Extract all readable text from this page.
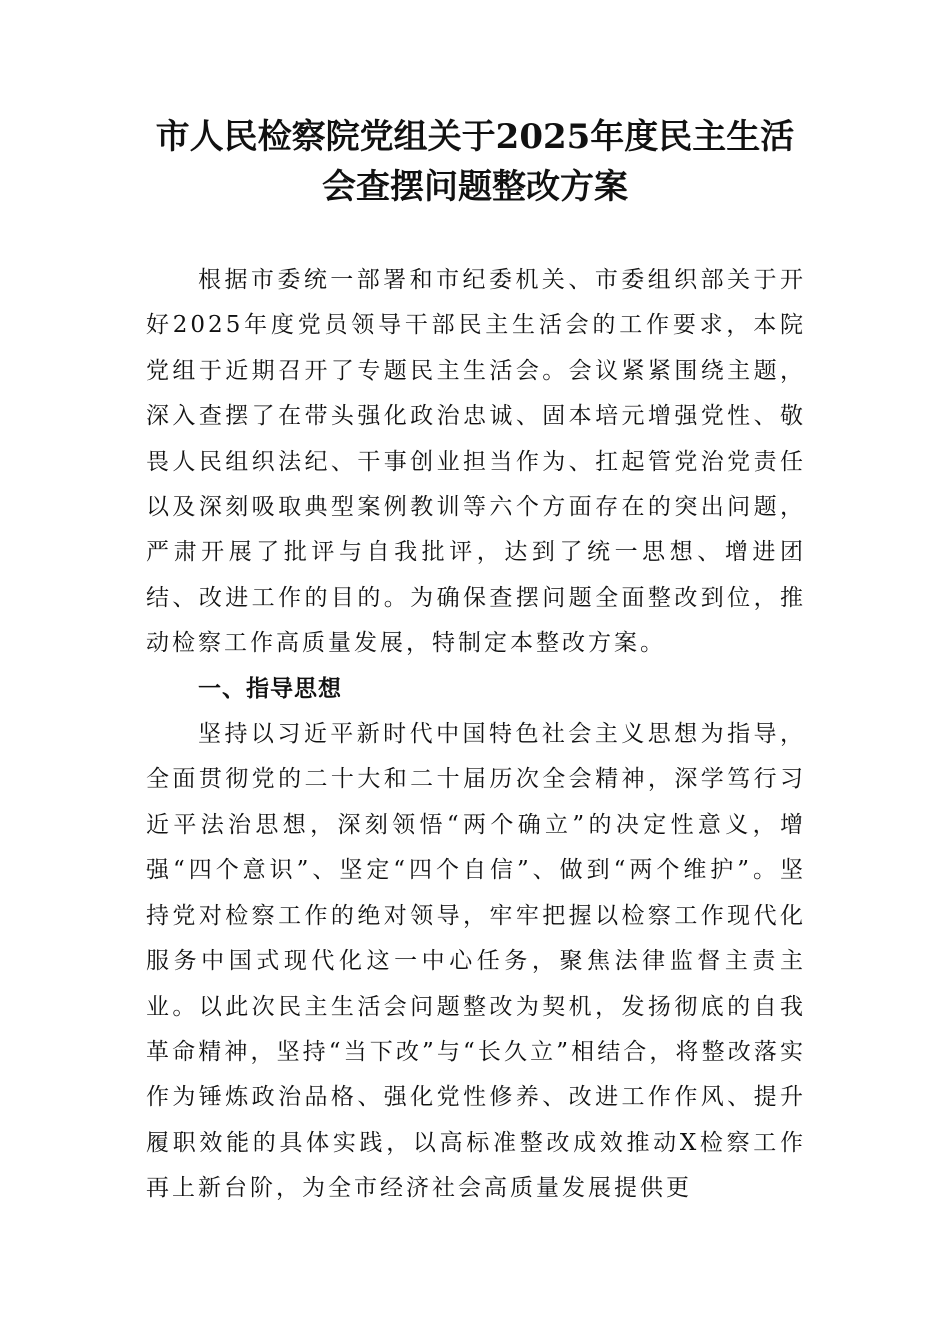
市人民检察院党组关于2025年度民主生活会查摆问题整改方案

根据市委统一部署和市纪委机关、市委组织部关于开好2025年度党员领导干部民主生活会的工作要求，本院党组于近期召开了专题民主生活会。会议紧紧围绕主题，深入查摆了在带头强化政治忠诚、固本培元增强党性、敬畏人民组织法纪、干事创业担当作为、扛起管党治党责任以及深刻吸取典型案例教训等六个方面存在的突出问题，严肃开展了批评与自我批评，达到了统一思想、增进团结、改进工作的目的。为确保查摆问题全面整改到位，推动检察工作高质量发展，特制定本整改方案。

一、指导思想

坚持以习近平新时代中国特色社会主义思想为指导，全面贯彻党的二十大和二十届历次全会精神，深学笃行习近平法治思想，深刻领悟“两个确立”的决定性意义，增强“四个意识”、坚定“四个自信”、做到“两个维护”。坚持党对检察工作的绝对领导，牢牢把握以检察工作现代化服务中国式现代化这一中心任务，聚焦法律监督主责主业。以此次民主生活会问题整改为契机，发扬彻底的自我革命精神，坚持“当下改”与“长久立”相结合，将整改落实作为锤炼政治品格、强化党性修养、改进工作作风、提升履职效能的具体实践，以高标准整改成效推动X检察工作再上新台阶，为全市经济社会高质量发展提供更
